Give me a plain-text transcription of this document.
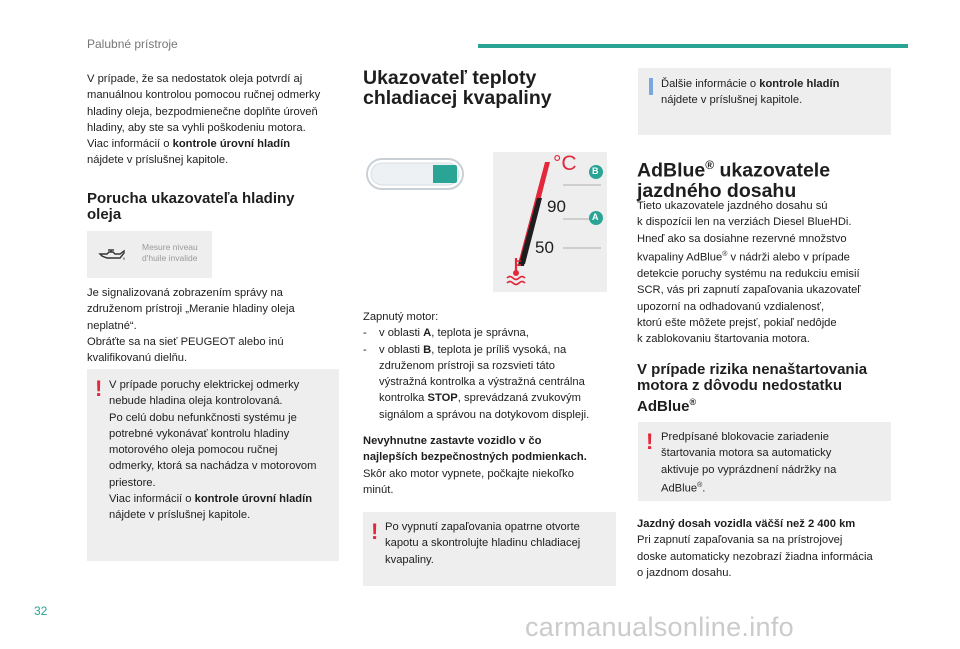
Palubné prístroje

V prípade, že sa nedostatok oleja potvrdí aj

manuálnou kontrolou pomocou ručnej odmerky

hladiny oleja, bezpodmienečne doplňte úroveň

hladiny, aby ste sa vyhli poškodeniu motora.

Viac informácií o kontrole úrovní hladín

nájdete v príslušnej kapitole.

Porucha ukazovateľa hladiny
oleja
Mesure niveau
d'huile invalide

Je signalizovaná zobrazením správy na

združenom prístroji „Meranie hladiny oleja

neplatné“.

Obráťte sa na sieť PEUGEOT alebo inú

kvalifikovanú dielňu.

! V prípade poruchy elektrickej odmerky

nebude hladina oleja kontrolovaná.

Po celú dobu nefunkčnosti systému je

potrebné vykonávať kontrolu hladiny

motorového oleja pomocou ručnej

odmerky, ktorá sa nachádza v motorovom

priestore.

Viac informácií o kontrole úrovní hladín

nájdete v príslušnej kapitole.

Ukazovateľ teploty
chladiacej kvapaliny
°C
90
50
B
A

Zapnutý motor:

- v oblasti A, teplota je správna,
- v oblasti B, teplota je príliš vysoká, na
združenom prístroji sa rozsvieti táto
výstražná kontrolka a výstražná centrálna
kontrolka STOP, sprevádzaná zvukovým
signálom a správou na dotykovom displeji.

Nevyhnutne zastavte vozidlo v čo

najlepších bezpečnostných podmienkach.

Skôr ako motor vypnete, počkajte niekoľko

minút.

! Po vypnutí zapaľovania opatrne otvorte

kapotu a skontrolujte hladinu chladiacej

kvapaliny.

Ďalšie informácie o kontrole hladín

nájdete v príslušnej kapitole.

AdBlue® ukazovatele
jazdného dosahu

Tieto ukazovatele jazdného dosahu sú

k dispozícii len na verziách Diesel BlueHDi.

Hneď ako sa dosiahne rezervné množstvo

kvapaliny AdBlue® v nádrži alebo v prípade

detekcie poruchy systému na redukciu emisií

SCR, vás pri zapnutí zapaľovania ukazovateľ

upozorní na odhadovanú vzdialenosť,

ktorú ešte môžete prejsť, pokiaľ nedôjde

k zablokovaniu štartovania motora.

V prípade rizika nenaštartovania
motora z dôvodu nedostatku
AdBlue®
! Predpísané blokovacie zariadenie

štartovania motora sa automaticky

aktivuje po vyprázdnení nádržky na

AdBlue®.

Jazdný dosah vozidla väčší než 2 400 km

Pri zapnutí zapaľovania sa na prístrojovej

doske automaticky nezobrazí žiadna informácia

o jazdnom dosahu.

32
carmanualsonline.info
